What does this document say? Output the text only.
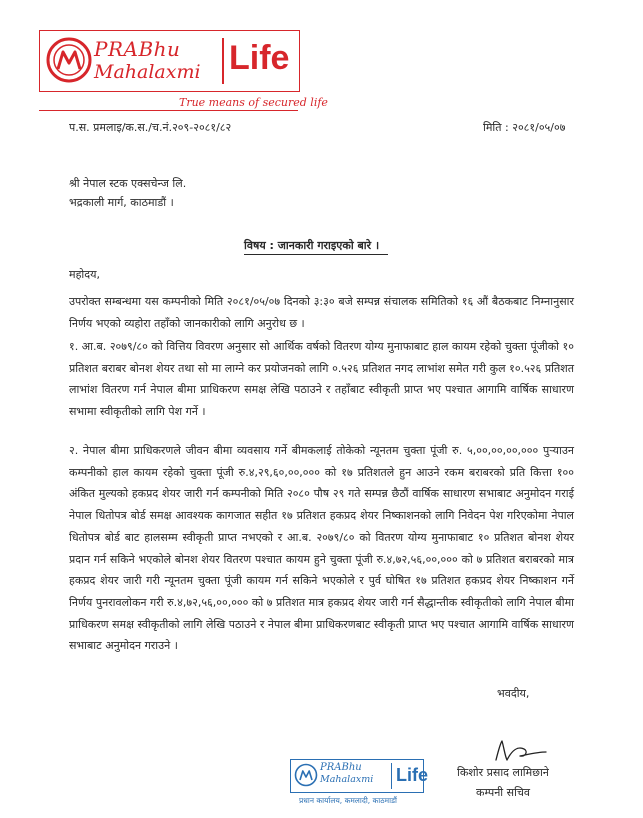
PRABhu
Mahalaxmi Life
True means of secured life
प.स. प्रमलाइ/क.स./च.नं.२०९-२०८१/८२	मिति : २०८१/०५/०७
श्री नेपाल स्टक एक्सचेन्ज लि.
भद्रकाली मार्ग, काठमाडौं ।
विषय : जानकारी गराइएको बारे ।
महोदय,
उपरोक्त सम्बन्धमा यस कम्पनीको मिति २०८१/०५/०७ दिनको ३:३० बजे सम्पन्न संचालक समितिको १६ औं बैठकबाट निम्नानुसार निर्णय भएको व्यहोरा तहाँको जानकारीको लागि अनुरोध छ ।
१. आ.ब. २०७९/८० को वित्तिय विवरण अनुसार सो आर्थिक वर्षको वितरण योग्य मुनाफाबाट हाल कायम रहेको चुक्ता पूंजीको १० प्रतिशत बराबर बोनश शेयर तथा सो मा लाग्ने कर प्रयोजनको लागि ०.५२६ प्रतिशत नगद लाभांश समेत गरी कुल १०.५२६ प्रतिशत लाभांश वितरण गर्न नेपाल बीमा प्राधिकरण समक्ष लेखि पठाउने र तहाँबाट स्वीकृती प्राप्त भए पश्चात आगामि वार्षिक साधारण सभामा स्वीकृतीको लागि पेश गर्ने ।
२. नेपाल बीमा प्राधिकरणले जीवन बीमा व्यवसाय गर्ने बीमकलाई तोकेको न्यूनतम चुक्ता पूंजी रु. ५,००,००,००,००० पुऱ्याउन कम्पनीको हाल कायम रहेको चुक्ता पूंजी रु.४,२९,६०,००,००० को १७ प्रतिशतले हुन आउने रकम बराबरको प्रति कित्ता १०० अंकित मुल्यको हकप्रद शेयर जारी गर्न कम्पनीको मिति २०८० पौष २९ गते सम्पन्न छैठौं वार्षिक साधारण सभाबाट अनुमोदन गराई नेपाल धितोपत्र बोर्ड समक्ष आवश्यक कागजात सहीत १७ प्रतिशत हकप्रद शेयर निष्काशनको लागि निवेदन पेश गरिएकोमा नेपाल धितोपत्र बोर्ड बाट हालसम्म स्वीकृती प्राप्त नभएको र आ.ब. २०७९/८० को वितरण योग्य मुनाफाबाट १० प्रतिशत बोनश शेयर प्रदान गर्न सकिने भएकोले बोनश शेयर वितरण पश्चात कायम हुने चुक्ता पूंजी रु.४,७२,५६,००,००० को ७ प्रतिशत बराबरको मात्र हकप्रद शेयर जारी गरी न्यूनतम चुक्ता पूंजी कायम गर्न सकिने भएकोले र पुर्व घोषित १७ प्रतिशत हकप्रद शेयर निष्काशन गर्ने निर्णय पुनरावलोकन गरी रु.४,७२,५६,००,००० को ७ प्रतिशत मात्र हकप्रद शेयर जारी गर्न सैद्धान्तीक स्वीकृतीको लागि नेपाल बीमा प्राधिकरण समक्ष स्वीकृतीको लागि लेखि पठाउने र नेपाल बीमा प्राधिकरणबाट स्वीकृती प्राप्त भए पश्चात आगामि वार्षिक साधारण सभाबाट अनुमोदन गराउने ।
भवदीय,
PRABhu
Mahalaxmi Life
प्रधान कार्यालय, कमलादी, काठमाडौं
किशोर प्रसाद लामिछाने
कम्पनी सचिव
